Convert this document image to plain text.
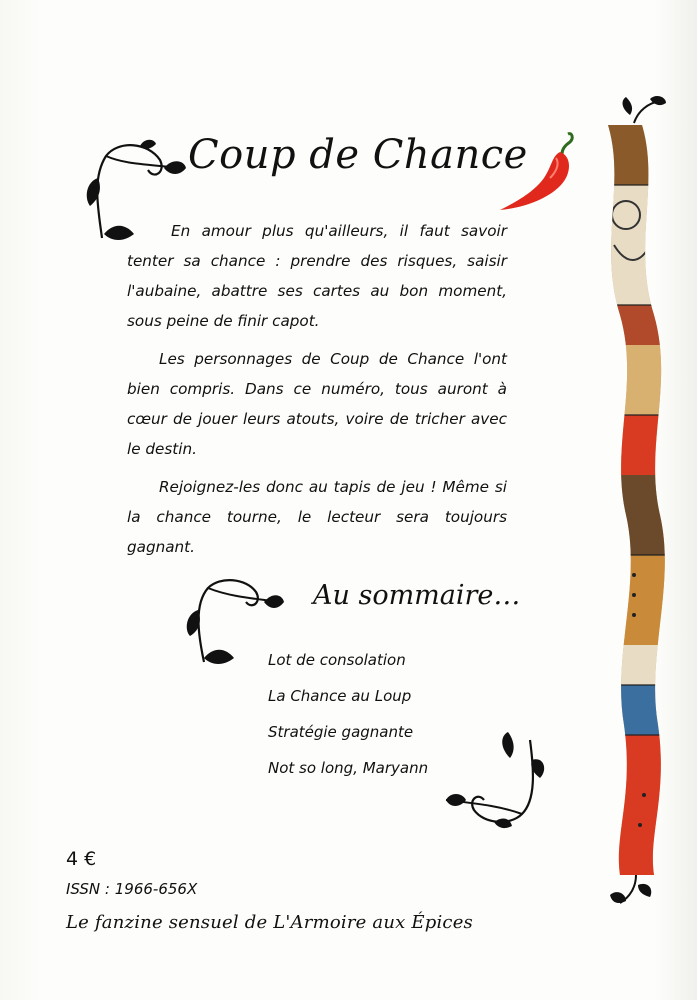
Coup de Chance

En amour plus qu'ailleurs, il faut savoir tenter sa chance : prendre des risques, saisir l'aubaine, abattre ses cartes au bon moment, sous peine de finir capot.

Les personnages de Coup de Chance l'ont bien compris. Dans ce numéro, tous auront à cœur de jouer leurs atouts, voire de tricher avec le destin.

Rejoignez-les donc au tapis de jeu ! Même si la chance tourne, le lecteur sera toujours gagnant.

Au sommaire…
Lot de consolation
La Chance au Loup
Stratégie gagnante
Not so long, Maryann
4 €
ISSN : 1966-656X
Le fanzine sensuel de L'Armoire aux Épices
